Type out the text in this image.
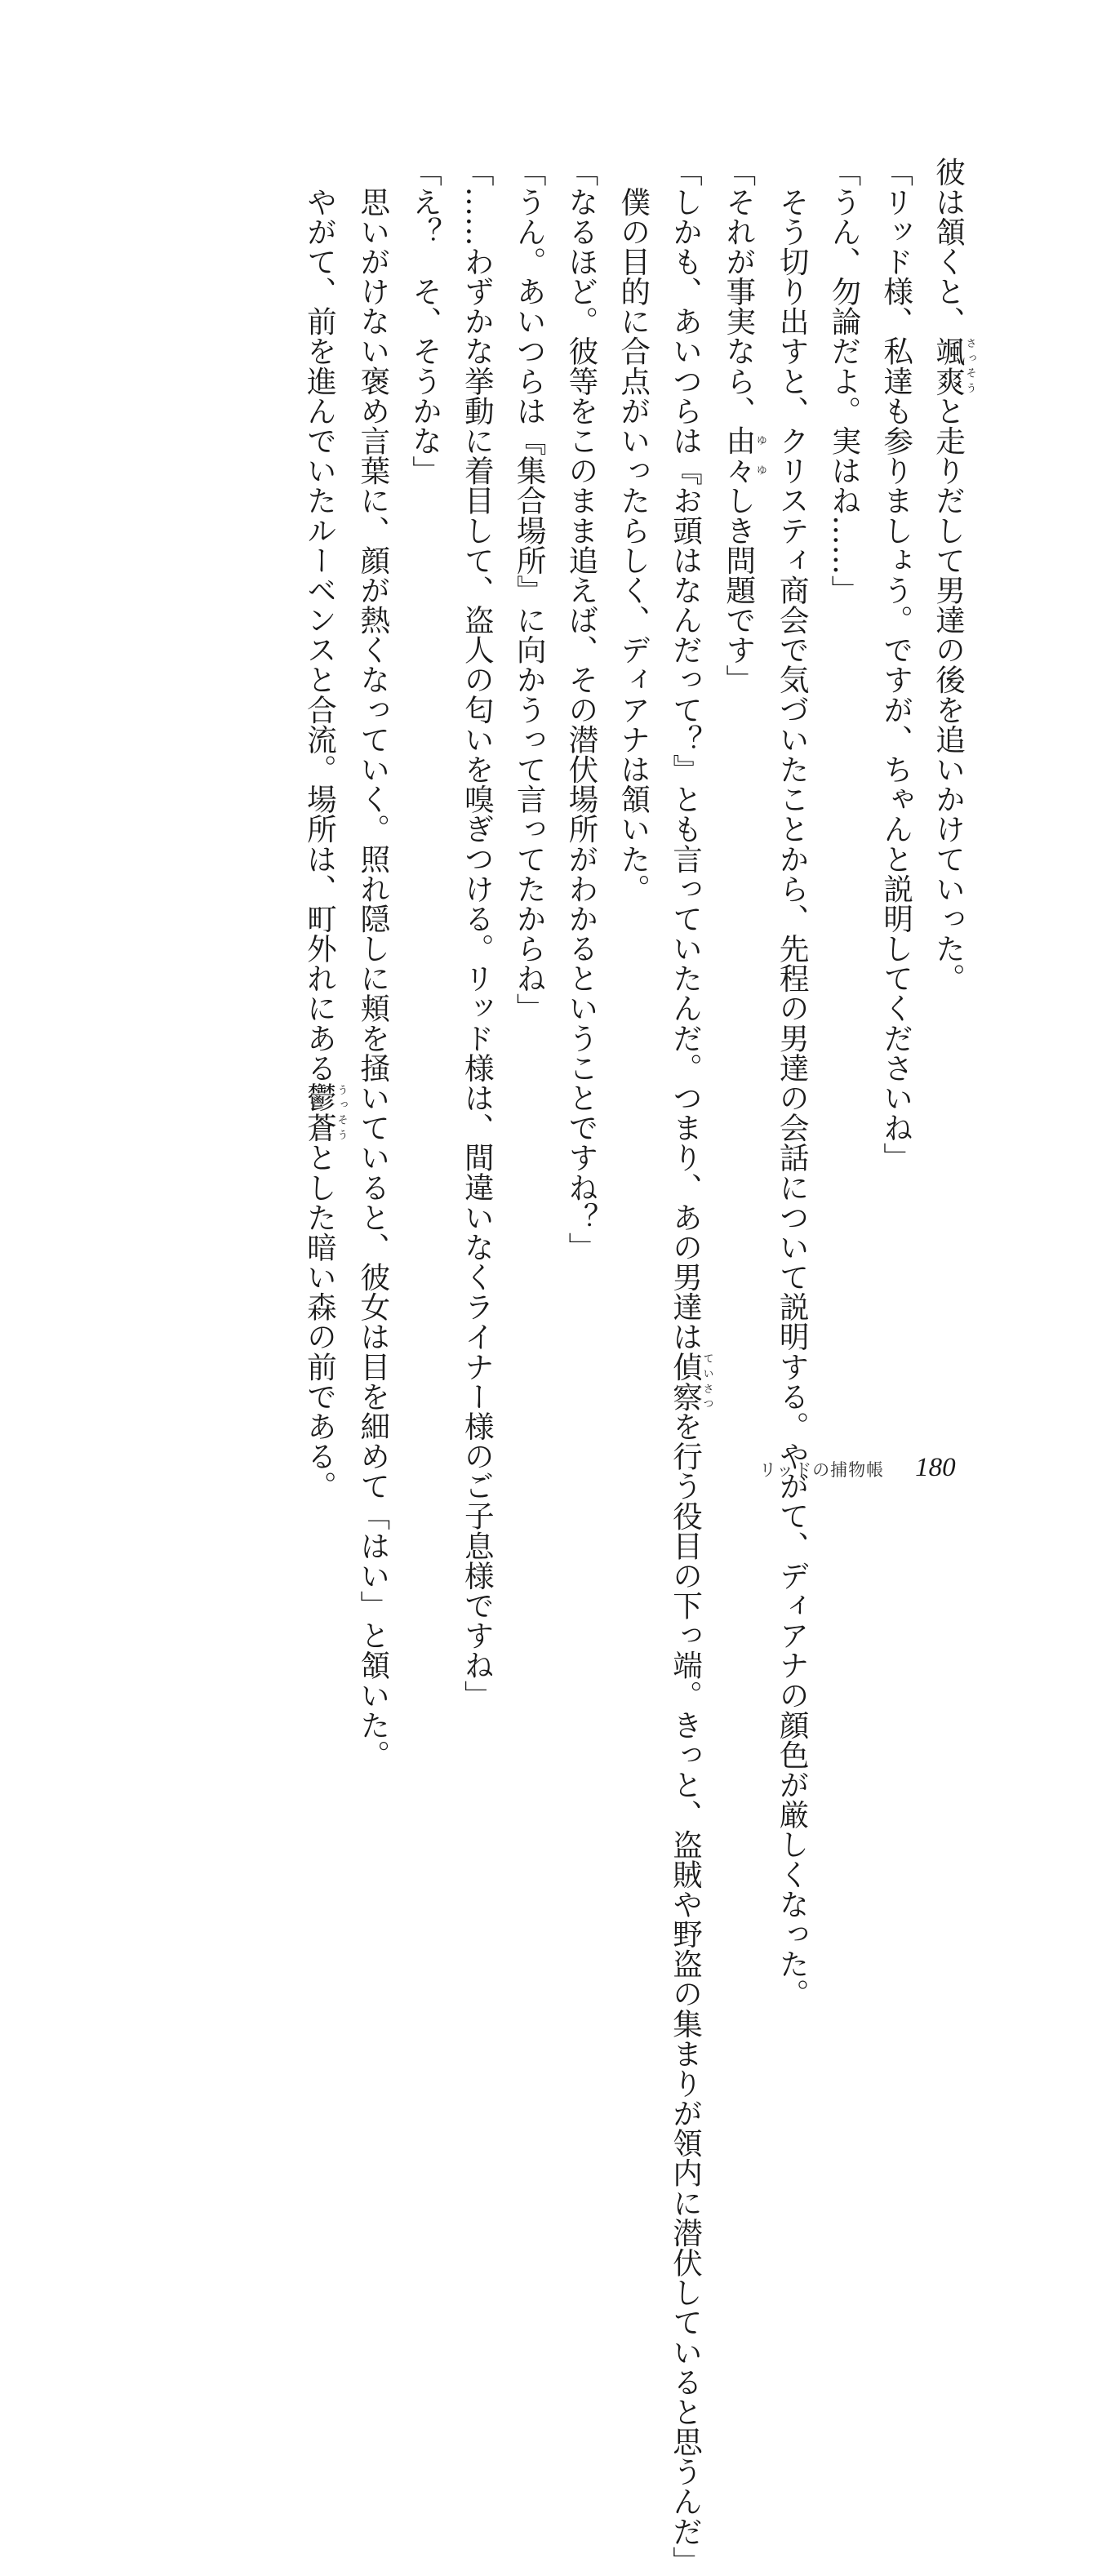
彼は頷くと、颯爽さっそうと走りだして男達の後を追いかけていった。

「リッド様、私達も参りましょう。ですが、ちゃんと説明してくださいね」

「うん、勿論だよ。実はね……」

　そう切り出すと、クリスティ商会で気づいたことから、先程の男達の会話について説明する。やがて、ディアナの顔色が厳しくなった。

「それが事実なら、由々ゆゆしき問題です」

「しかも、あいつらは『お頭はなんだって？』とも言っていたんだ。つまり、あの男達は偵察ていさつを行う役目の下っ端。きっと、盗賊や野盗の集まりが領内に潜伏していると思うんだ」

　僕の目的に合点がいったらしく、ディアナは頷いた。

「なるほど。彼等をこのまま追えば、その潜伏場所がわかるということですね？」

「うん。あいつらは『集合場所』に向かうって言ってたからね」

「……わずかな挙動に着目して、盗人の匂いを嗅ぎつける。リッド様は、間違いなくライナー様のご子息様ですね」

「え？　そ、そうかな」

　思いがけない褒め言葉に、顔が熱くなっていく。照れ隠しに頬を掻いていると、彼女は目を細めて「はい」と頷いた。

　やがて、前を進んでいたルーベンスと合流。場所は、町外れにある鬱蒼うっそうとした暗い森の前である。	リッドの捕物帳 180
